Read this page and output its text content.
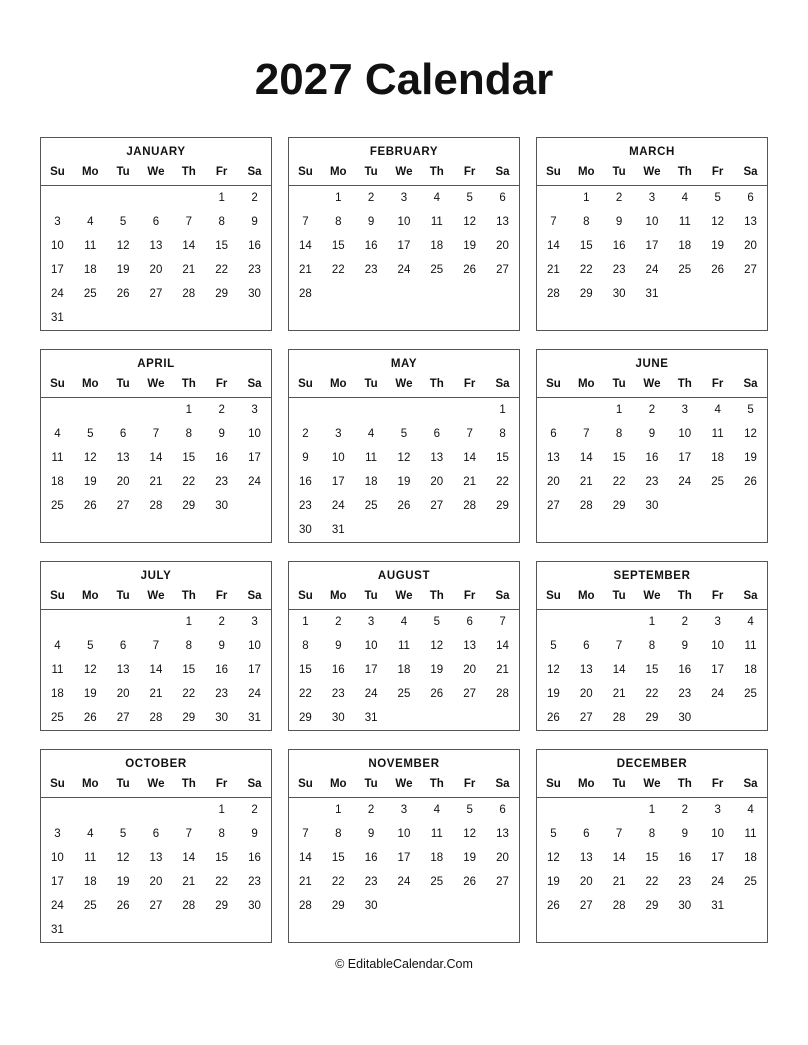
2027 Calendar
JANUARY
Su	Mo	Tu	We	Th	Fr	Sa
					1	2
3	4	5	6	7	8	9
10	11	12	13	14	15	16
17	18	19	20	21	22	23
24	25	26	27	28	29	30
31						
FEBRUARY
Su	Mo	Tu	We	Th	Fr	Sa
	1	2	3	4	5	6
7	8	9	10	11	12	13
14	15	16	17	18	19	20
21	22	23	24	25	26	27
28						
MARCH
Su	Mo	Tu	We	Th	Fr	Sa
	1	2	3	4	5	6
7	8	9	10	11	12	13
14	15	16	17	18	19	20
21	22	23	24	25	26	27
28	29	30	31			
APRIL
Su	Mo	Tu	We	Th	Fr	Sa
				1	2	3
4	5	6	7	8	9	10
11	12	13	14	15	16	17
18	19	20	21	22	23	24
25	26	27	28	29	30	
MAY
Su	Mo	Tu	We	Th	Fr	Sa
						1
2	3	4	5	6	7	8
9	10	11	12	13	14	15
16	17	18	19	20	21	22
23	24	25	26	27	28	29
30	31					
JUNE
Su	Mo	Tu	We	Th	Fr	Sa
		1	2	3	4	5
6	7	8	9	10	11	12
13	14	15	16	17	18	19
20	21	22	23	24	25	26
27	28	29	30			
JULY
Su	Mo	Tu	We	Th	Fr	Sa
				1	2	3
4	5	6	7	8	9	10
11	12	13	14	15	16	17
18	19	20	21	22	23	24
25	26	27	28	29	30	31
AUGUST
Su	Mo	Tu	We	Th	Fr	Sa
1	2	3	4	5	6	7
8	9	10	11	12	13	14
15	16	17	18	19	20	21
22	23	24	25	26	27	28
29	30	31				
SEPTEMBER
Su	Mo	Tu	We	Th	Fr	Sa
			1	2	3	4
5	6	7	8	9	10	11
12	13	14	15	16	17	18
19	20	21	22	23	24	25
26	27	28	29	30		
OCTOBER
Su	Mo	Tu	We	Th	Fr	Sa
					1	2
3	4	5	6	7	8	9
10	11	12	13	14	15	16
17	18	19	20	21	22	23
24	25	26	27	28	29	30
31						
NOVEMBER
Su	Mo	Tu	We	Th	Fr	Sa
	1	2	3	4	5	6
7	8	9	10	11	12	13
14	15	16	17	18	19	20
21	22	23	24	25	26	27
28	29	30				
DECEMBER
Su	Mo	Tu	We	Th	Fr	Sa
			1	2	3	4
5	6	7	8	9	10	11
12	13	14	15	16	17	18
19	20	21	22	23	24	25
26	27	28	29	30	31	
© EditableCalendar.Com
